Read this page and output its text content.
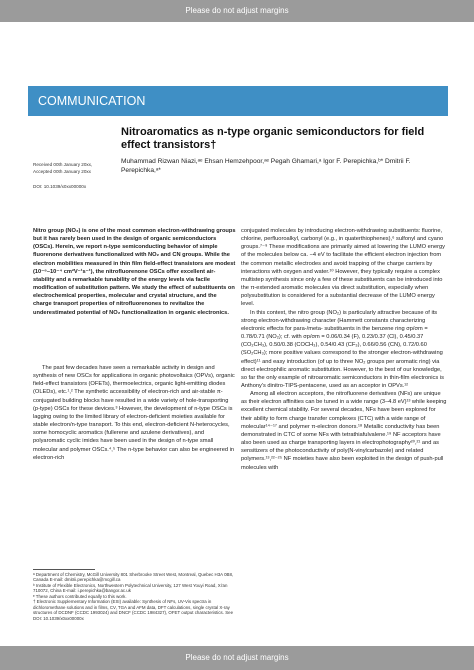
Please do not adjust margins
COMMUNICATION
Received 00th January 20xx,
Accepted 00th January 20xx
DOI: 10.1039/x0xx00000x
Nitroaromatics as n-type organic semiconductors for field effect transistors†
Muhammad Rizwan Niazi,ᵃᵉ Ehsan Hemzehpoor,ᵃᵉ Pegah Ghamari,ᵃ Igor F. Perepichka,ᵇ* Dmitrii F. Perepichka,ᵃ*
Nitro group (NO₂) is one of the most common electron-withdrawing groups but it has rarely been used in the design of organic semiconductors (OSCs). Herein, we report n-type semiconducting behavior of simple fluorenone derivatives functionalized with NO₂ and CN groups. While the electron mobilities measured in thin film field-effect transistors are modest (10⁻⁶–10⁻⁴ cm²V⁻¹s⁻¹), the nitrofluorenone OSCs offer excellent air-stability and a remarkable tunability of the energy levels via facile modification of substitution pattern. We study the effect of substituents on electrochemical properties, molecular and crystal structure, and the charge transport properties of nitrofluorenones to revitalize the underestimated potential of NO₂ functionalization in organic electronics.

The past few decades have seen a remarkable activity in design and synthesis of new OSCs for applications in organic photovoltaics (OPVs), organic field-effect transistors (OFETs), thermoelectrics, organic light-emitting diodes (OLEDs), etc.¹,² The synthetic accessibility of electron-rich and air-stable π-conjugated building blocks have resulted in a wide variety of hole-transporting (p-type) OSCs for these devices.³ However, the development of n-type OSCs is lagging owing to the limited library of electron-deficient moieties available for stable electron/n-type transport. To this end, electron-deficient N-heterocycles, some homocyclic aromatics (fullerene and azulene derivatives), and polyaromatic cyclic imides have been used in the design of n-type small molecular and polymer OSCs.⁴,⁵ The n-type behavior can also be engineered in electron-rich

ᵃ Department of Chemistry, McGill University 801 Sherbrooke Street West, Montreal, Quebec H3A 0B8, Canada E-mail: dmitrii.perepichka@mcgill.ca

ᵇ Institute of Flexible Electronics, Northwestern Polytechnical University, 127 West Youyi Road, Xi'an 710072, China E-mail: i.perepichka@bangor.ac.uk

ᵉ These authors contributed equally to this work.

† Electronic Supplementary Information (ESI) available: Synthesis of NFs, UV-Vis spectra in dichloromethane solutions and in films, CV, TGA and AFM data, DFT calculations, single crystal X-ray structures of DCDNF (CCDC 1993024) and DNCF (CCDC 1984327), OFET output characteristics. See DOI: 10.1039/x0xx00000x

conjugated molecules by introducing electron-withdrawing substituents: fluorine, chlorine, perfluoroalkyl, carbonyl (e.g., in quaterthiophenes),⁶ sulfonyl and cyano groups.⁷⁻⁹ These modifications are primarily aimed at lowering the LUMO energy of the molecules below ca. −4 eV to facilitate the efficient electron injection from the common metallic electrodes and avoid trapping of the charge carriers by interactions with oxygen and water.¹⁰ However, they typically require a complex multistep synthesis since only a few of these substituents can be introduced into the π-extended aromatic molecules via direct substitution, especially when polysubstitution is considered for a substantial decrease of the LUMO energy level.

In this context, the nitro group (NO₂) is particularly attractive because of its strong electron-withdrawing character (Hammett constants characterizing electronic effects for para-/meta- substituents in the benzene ring σp/σm = 0.78/0.71 (NO₂); cf. with σp/σm = 0.06/0.34 (F), 0.23/0.37 (Cl), 0.45/0.37 (CO₂CH₃), 0.50/0.38 (COCH₃), 0.54/0.43 (CF₃), 0.66/0.56 (CN), 0.72/0.60 (SO₂CH₃); more positive values correspond to the stronger electron-withdrawing effect)¹¹ and easy introduction (of up to three NO₂ groups per aromatic ring) via direct electrophilic aromatic substitution. However, to the best of our knowledge, so far the only example of nitroaromatic semiconductors in thin-film electronics is Anthony's dinitro-TIPS-pentacene, used as an acceptor in OPVs.¹²

Among all electron acceptors, the nitrofluorene derivatives (NFs) are unique as their electron affinities can be tuned in a wide range (3–4.8 eV)¹³ while keeping excellent chemical stability. For several decades, NFs have been explored for their ability to form charge transfer complexes (CTC) with a wide range of molecular¹⁴⁻¹⁷ and polymer π-electron donors.¹⁸ Metallic conductivity has been demonstrated in CTC of some NFs with tetrathiafulvalene.¹⁹ NF acceptors have also been used as charge transporting layers in electrophotography²⁰,²¹ and as sensitizers of the photoconductivity of poly(N-vinylcarbazole) and related polymers.¹³,²²⁻²⁵ NF moieties have also been exploited in the design of push-pull molecules with

Please do not adjust margins
